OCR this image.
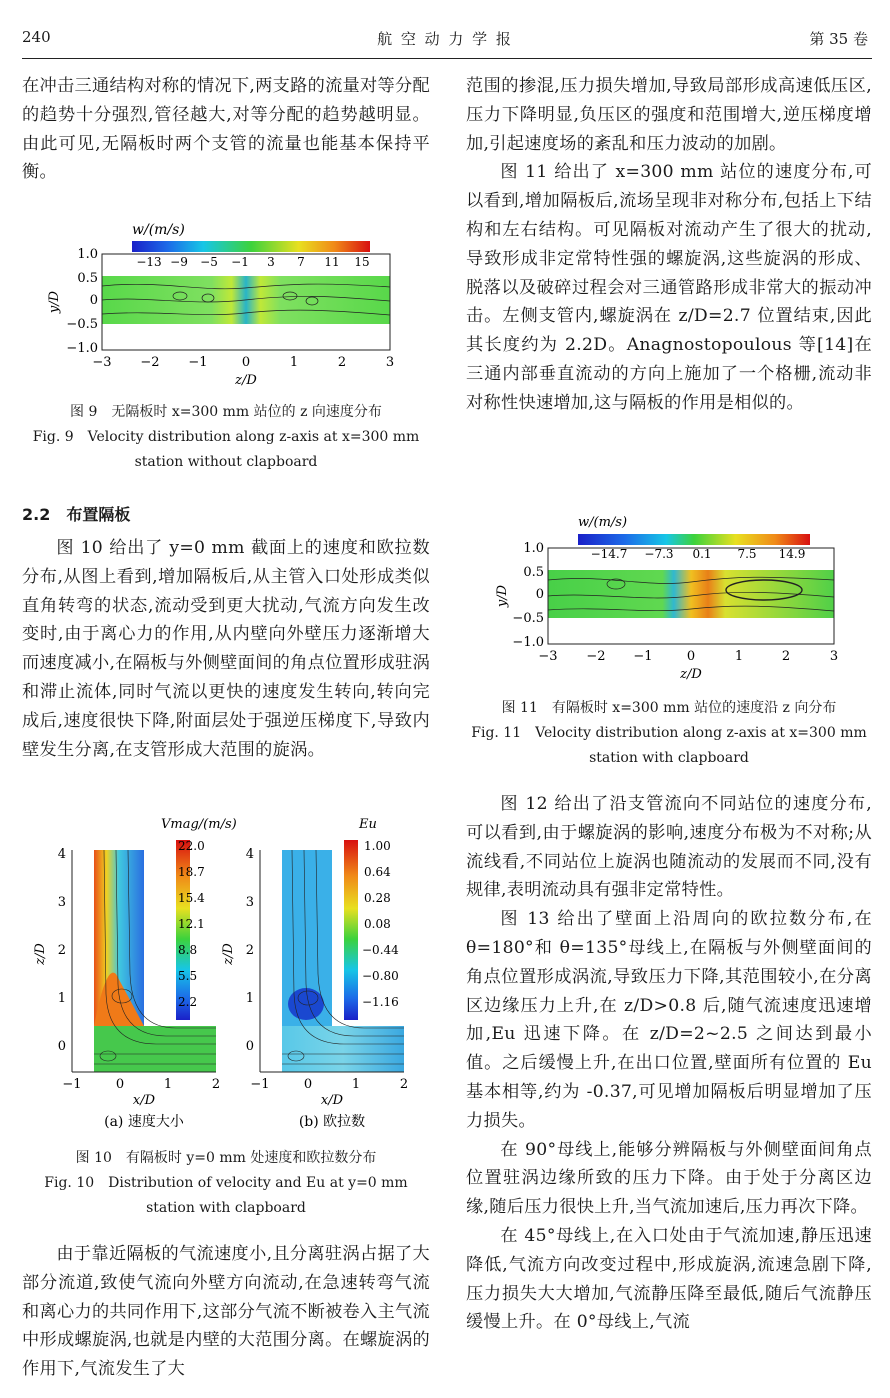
240	航 空 动 力 学 报	第 35 卷

在冲击三通结构对称的情况下,两支路的流量对等分配的趋势十分强烈,管径越大,对等分配的趋势越明显。由此可见,无隔板时两个支管的流量也能基本保持平衡。

w/(m/s)
−13 −9 −5 −1 3 7 11 15
1.0
0.5
0
−0.5
−1.0
y/D
−3 −2 −1	0	1	2	3
z/D
图 9　无隔板时 x=300 mm 站位的 z 向速度分布
Fig. 9　Velocity distribution along z-axis at x=300 mm
station without clapboard
2.2　布置隔板

图 10 给出了 y=0 mm 截面上的速度和欧拉数分布,从图上看到,增加隔板后,从主管入口处形成类似直角转弯的状态,流动受到更大扰动,气流方向发生改变时,由于离心力的作用,从内壁向外壁压力逐渐增大而速度减小,在隔板与外侧壁面间的角点位置形成驻涡和滞止流体,同时气流以更快的速度发生转向,转向完成后,速度很快下降,附面层处于强逆压梯度下,导致内壁发生分离,在支管形成大范围的旋涡。

Vmag/(m/s)
22.0
18.7
15.4
12.1
8.8
5.5
2.2
4
3
2
1
0
z/D
−1	0	1	2
x/D
(a) 速度大小
Eu
1.00
0.64
0.28
0.08
−0.44
−0.80
−1.16
4
3
2
1
0
z/D
−1	0	1	2
x/D
(b) 欧拉数
图 10　有隔板时 y=0 mm 处速度和欧拉数分布
Fig. 10　Distribution of velocity and Eu at y=0 mm
station with clapboard

由于靠近隔板的气流速度小,且分离驻涡占据了大部分流道,致使气流向外壁方向流动,在急速转弯气流和离心力的共同作用下,这部分气流不断被卷入主气流中形成螺旋涡,也就是内壁的大范围分离。在螺旋涡的作用下,气流发生了大

范围的掺混,压力损失增加,导致局部形成高速低压区,压力下降明显,负压区的强度和范围增大,逆压梯度增加,引起速度场的紊乱和压力波动的加剧。

图 11 给出了 x=300 mm 站位的速度分布,可以看到,增加隔板后,流场呈现非对称分布,包括上下结构和左右结构。可见隔板对流动产生了很大的扰动,导致形成非定常特性强的螺旋涡,这些旋涡的形成、脱落以及破碎过程会对三通管路形成非常大的振动冲击。左侧支管内,螺旋涡在 z/D=2.7 位置结束,因此其长度约为 2.2D。Anagnostopoulous 等[14]在三通内部垂直流动的方向上施加了一个格栅,流动非对称性快速增加,这与隔板的作用是相似的。

w/(m/s)
−14.7 −7.3 0.1 7.5 14.9
1.0
0.5
0
−0.5
−1.0
y/D
−3 −2 −1	0	1	2	3
z/D
图 11　有隔板时 x=300 mm 站位的速度沿 z 向分布
Fig. 11　Velocity distribution along z-axis at x=300 mm
station with clapboard

图 12 给出了沿支管流向不同站位的速度分布,可以看到,由于螺旋涡的影响,速度分布极为不对称;从流线看,不同站位上旋涡也随流动的发展而不同,没有规律,表明流动具有强非定常特性。

图 13 给出了壁面上沿周向的欧拉数分布,在 θ=180°和 θ=135°母线上,在隔板与外侧壁面间的角点位置形成涡流,导致压力下降,其范围较小,在分离区边缘压力上升,在 z/D>0.8 后,随气流速度迅速增加,Eu 迅速下降。在 z/D=2~2.5 之间达到最小值。之后缓慢上升,在出口位置,壁面所有位置的 Eu 基本相等,约为 -0.37,可见增加隔板后明显增加了压力损失。

在 90°母线上,能够分辨隔板与外侧壁面间角点位置驻涡边缘所致的压力下降。由于处于分离区边缘,随后压力很快上升,当气流加速后,压力再次下降。

在 45°母线上,在入口处由于气流加速,静压迅速降低,气流方向改变过程中,形成旋涡,流速急剧下降,压力损失大大增加,气流静压降至最低,随后气流静压缓慢上升。在 0°母线上,气流
